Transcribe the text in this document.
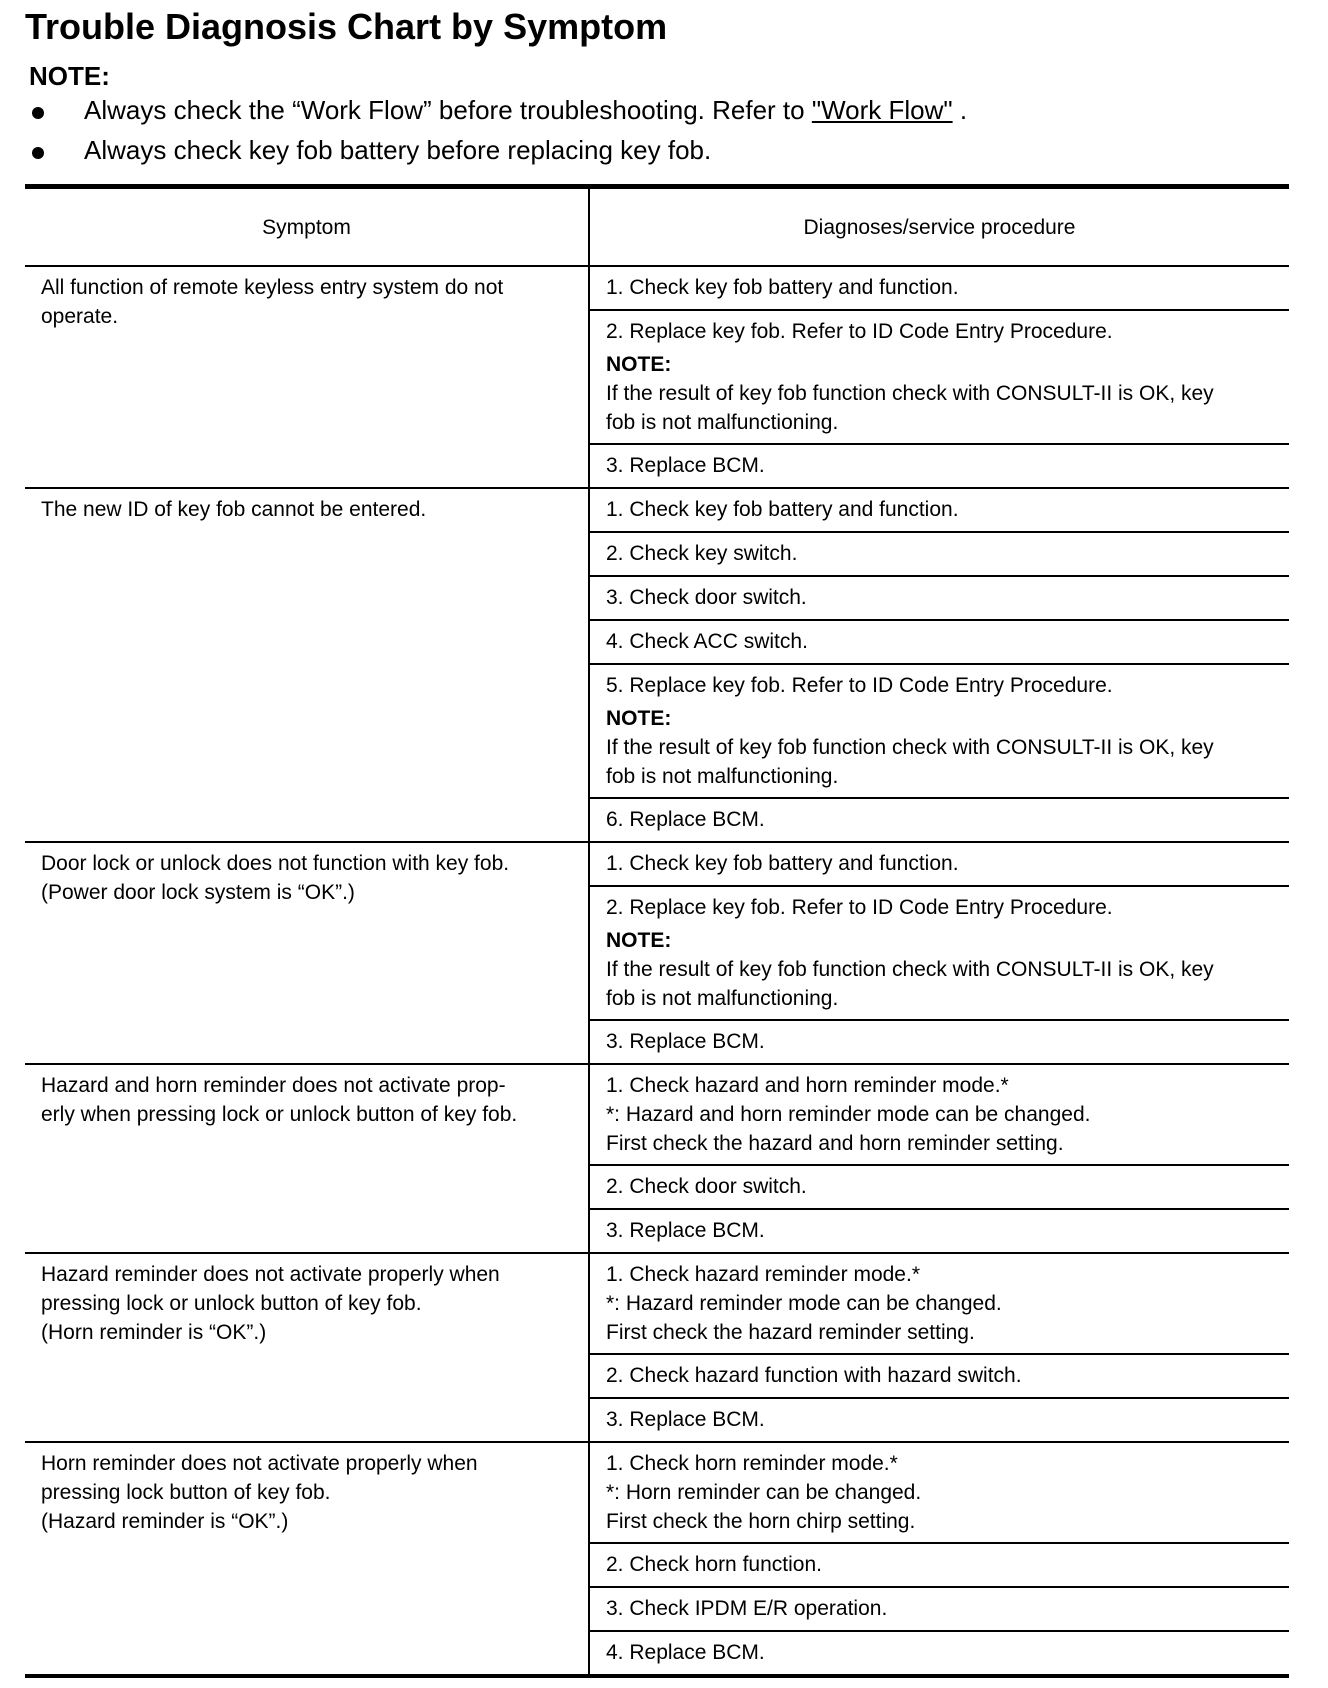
Trouble Diagnosis Chart by Symptom
NOTE:
Always check the “Work Flow” before troubleshooting. Refer to "Work Flow" .
Always check key fob battery before replacing key fob.
Symptom	Diagnoses/service procedure

All function of remote keyless entry system do not
operate.	1. Check key fob battery and function.

	2. Replace key fob. Refer to ID Code Entry Procedure.
NOTE:
If the result of key fob function check with CONSULT-II is OK, key
fob is not malfunctioning.

	3. Replace BCM.

The new ID of key fob cannot be entered.	1. Check key fob battery and function.

	2. Check key switch.

	3. Check door switch.

	4. Check ACC switch.

	5. Replace key fob. Refer to ID Code Entry Procedure.
NOTE:
If the result of key fob function check with CONSULT-II is OK, key
fob is not malfunctioning.

	6. Replace BCM.

Door lock or unlock does not function with key fob.
(Power door lock system is “OK”.)	1. Check key fob battery and function.

	2. Replace key fob. Refer to ID Code Entry Procedure.
NOTE:
If the result of key fob function check with CONSULT-II is OK, key
fob is not malfunctioning.

	3. Replace BCM.

Hazard and horn reminder does not activate prop-
erly when pressing lock or unlock button of key fob.	1. Check hazard and horn reminder mode.*
*: Hazard and horn reminder mode can be changed.
First check the hazard and horn reminder setting.

	2. Check door switch.

	3. Replace BCM.

Hazard reminder does not activate properly when
pressing lock or unlock button of key fob.
(Horn reminder is “OK”.)	1. Check hazard reminder mode.*
*: Hazard reminder mode can be changed.
First check the hazard reminder setting.

	2. Check hazard function with hazard switch.

	3. Replace BCM.

Horn reminder does not activate properly when
pressing lock button of key fob.
(Hazard reminder is “OK”.)	1. Check horn reminder mode.*
*: Horn reminder can be changed.
First check the horn chirp setting.

	2. Check horn function.

	3. Check IPDM E/R operation.

	4. Replace BCM.
